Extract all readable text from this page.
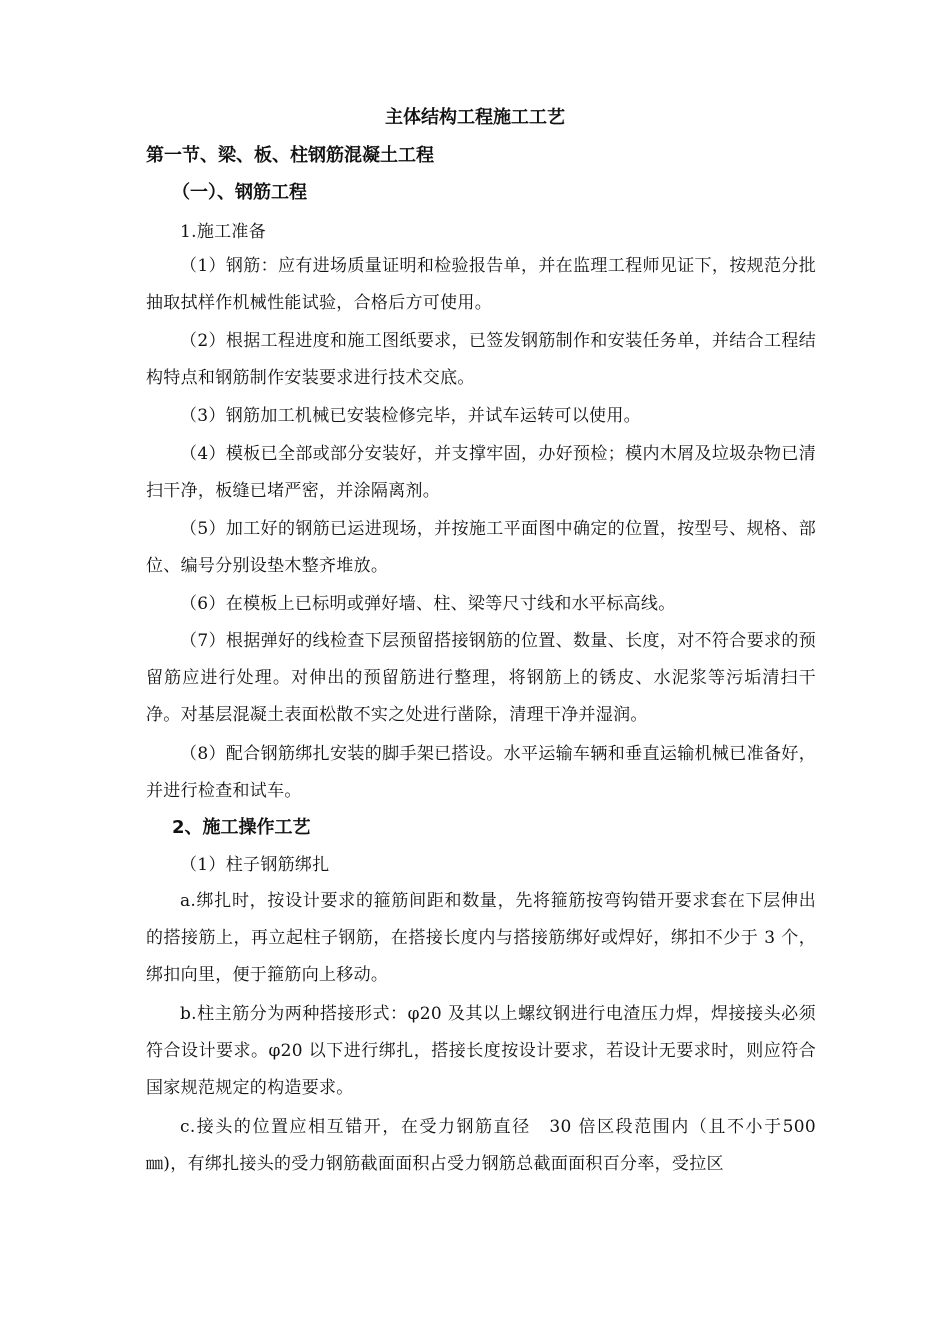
主体结构工程施工工艺
第一节、梁、板、柱钢筋混凝土工程
（一）、钢筋工程
1.施工准备
（1）钢筋：应有进场质量证明和检验报告单，并在监理工程师见证下，按规范分批抽取拭样作机械性能试验，合格后方可使用。
（2）根据工程进度和施工图纸要求，已签发钢筋制作和安装任务单，并结合工程结构特点和钢筋制作安装要求进行技术交底。
（3）钢筋加工机械已安装检修完毕，并试车运转可以使用。
（4）模板已全部或部分安装好，并支撑牢固，办好预检；模内木屑及垃圾杂物已清扫干净，板缝已堵严密，并涂隔离剂。
（5）加工好的钢筋已运进现场，并按施工平面图中确定的位置，按型号、规格、部位、编号分别设垫木整齐堆放。
（6）在模板上已标明或弹好墙、柱、梁等尺寸线和水平标高线。
（7）根据弹好的线检查下层预留搭接钢筋的位置、数量、长度，对不符合要求的预留筋应进行处理。对伸出的预留筋进行整理，将钢筋上的锈皮、水泥浆等污垢清扫干净。对基层混凝土表面松散不实之处进行凿除，清理干净并湿润。
（8）配合钢筋绑扎安装的脚手架已搭设。水平运输车辆和垂直运输机械已准备好，并进行检查和试车。
2、施工操作工艺
（1）柱子钢筋绑扎
a.绑扎时，按设计要求的箍筋间距和数量，先将箍筋按弯钩错开要求套在下层伸出的搭接筋上，再立起柱子钢筋，在搭接长度内与搭接筋绑好或焊好，绑扣不少于 3 个，绑扣向里，便于箍筋向上移动。
b.柱主筋分为两种搭接形式：φ20 及其以上螺纹钢进行电渣压力焊，焊接接头必须符合设计要求。φ20 以下进行绑扎，搭接长度按设计要求，若设计无要求时，则应符合国家规范规定的构造要求。
c.接头的位置应相互错开，在受力钢筋直径　30 倍区段范围内（且不小于500㎜)，有绑扎接头的受力钢筋截面面积占受力钢筋总截面面积百分率，受拉区
